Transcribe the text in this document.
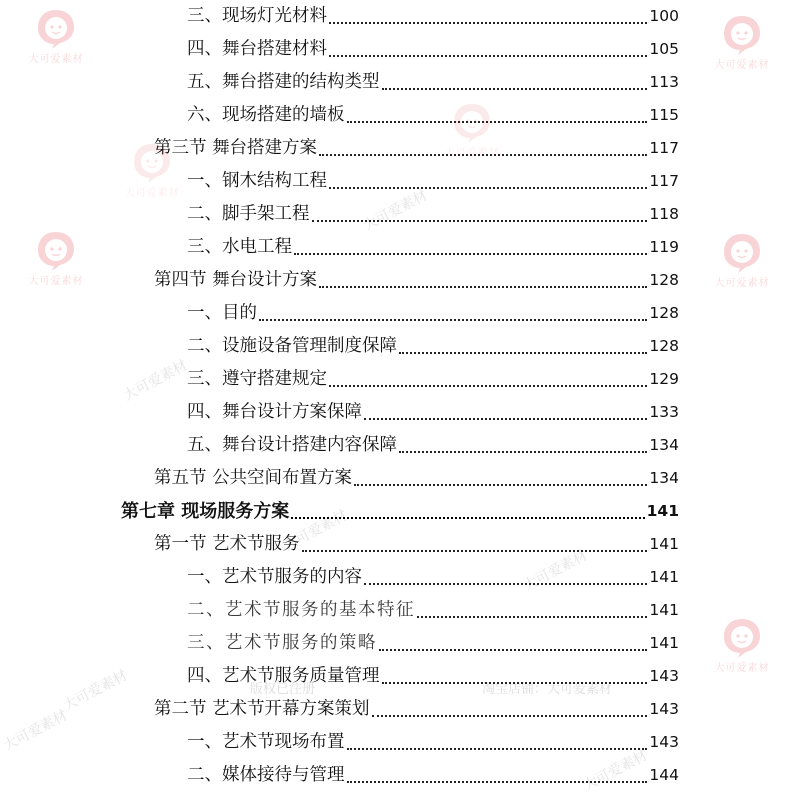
大可爱素材
大可爱素材
大可爱素材	大可爱素材
大可爱素材
大可爱素材
大可爱素材
大可爱素材
大可爱素材
大可爱素材
大可爱素材
大可爱素材
大可爱素材
大可爱素材
版权已注册	淘宝店铺：大可爱素材
三、现场灯光材料	100
四、舞台搭建材料	105
五、舞台搭建的结构类型	113
六、现场搭建的墙板	115
第三节 舞台搭建方案	117
一、钢木结构工程	117
二、脚手架工程	118
三、水电工程	119
第四节 舞台设计方案	128
一、目的	128
二、设施设备管理制度保障	128
三、遵守搭建规定	129
四、舞台设计方案保障	133
五、舞台设计搭建内容保障	134
第五节 公共空间布置方案	134
第七章 现场服务方案	141
第一节 艺术节服务	141
一、艺术节服务的内容	141
二、艺术节服务的基本特征	141
三、艺术节服务的策略	141
四、艺术节服务质量管理	143
第二节 艺术节开幕方案策划	143
一、艺术节现场布置	143
二、媒体接待与管理	144
